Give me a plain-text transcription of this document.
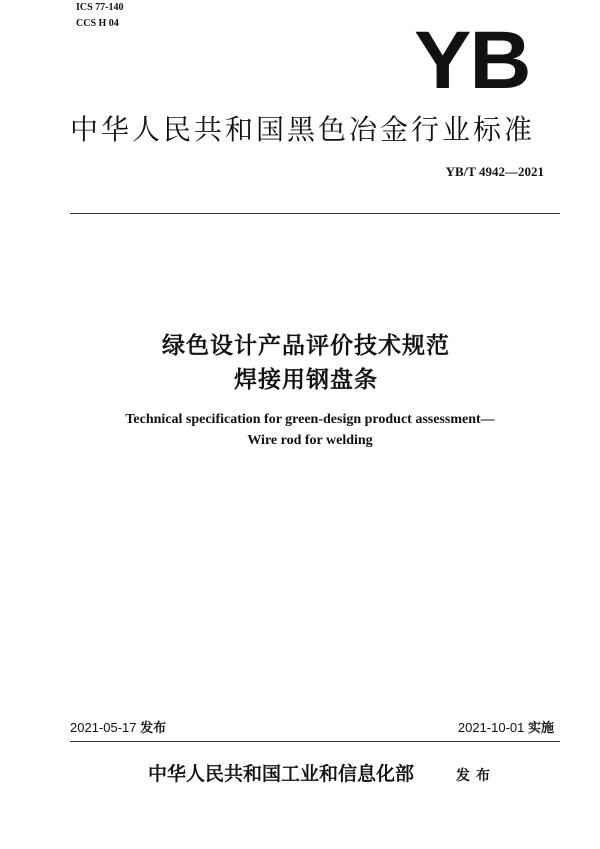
ICS 77-140
CCS H 04	YB
中华人民共和国黑色冶金行业标准
YB/T 4942—2021
绿色设计产品评价技术规范
焊接用钢盘条
Technical specification for green-design product assessment—
Wire rod for welding
2021-05-17 发布	2021-10-01 实施
中华人民共和国工业和信息化部	发布
